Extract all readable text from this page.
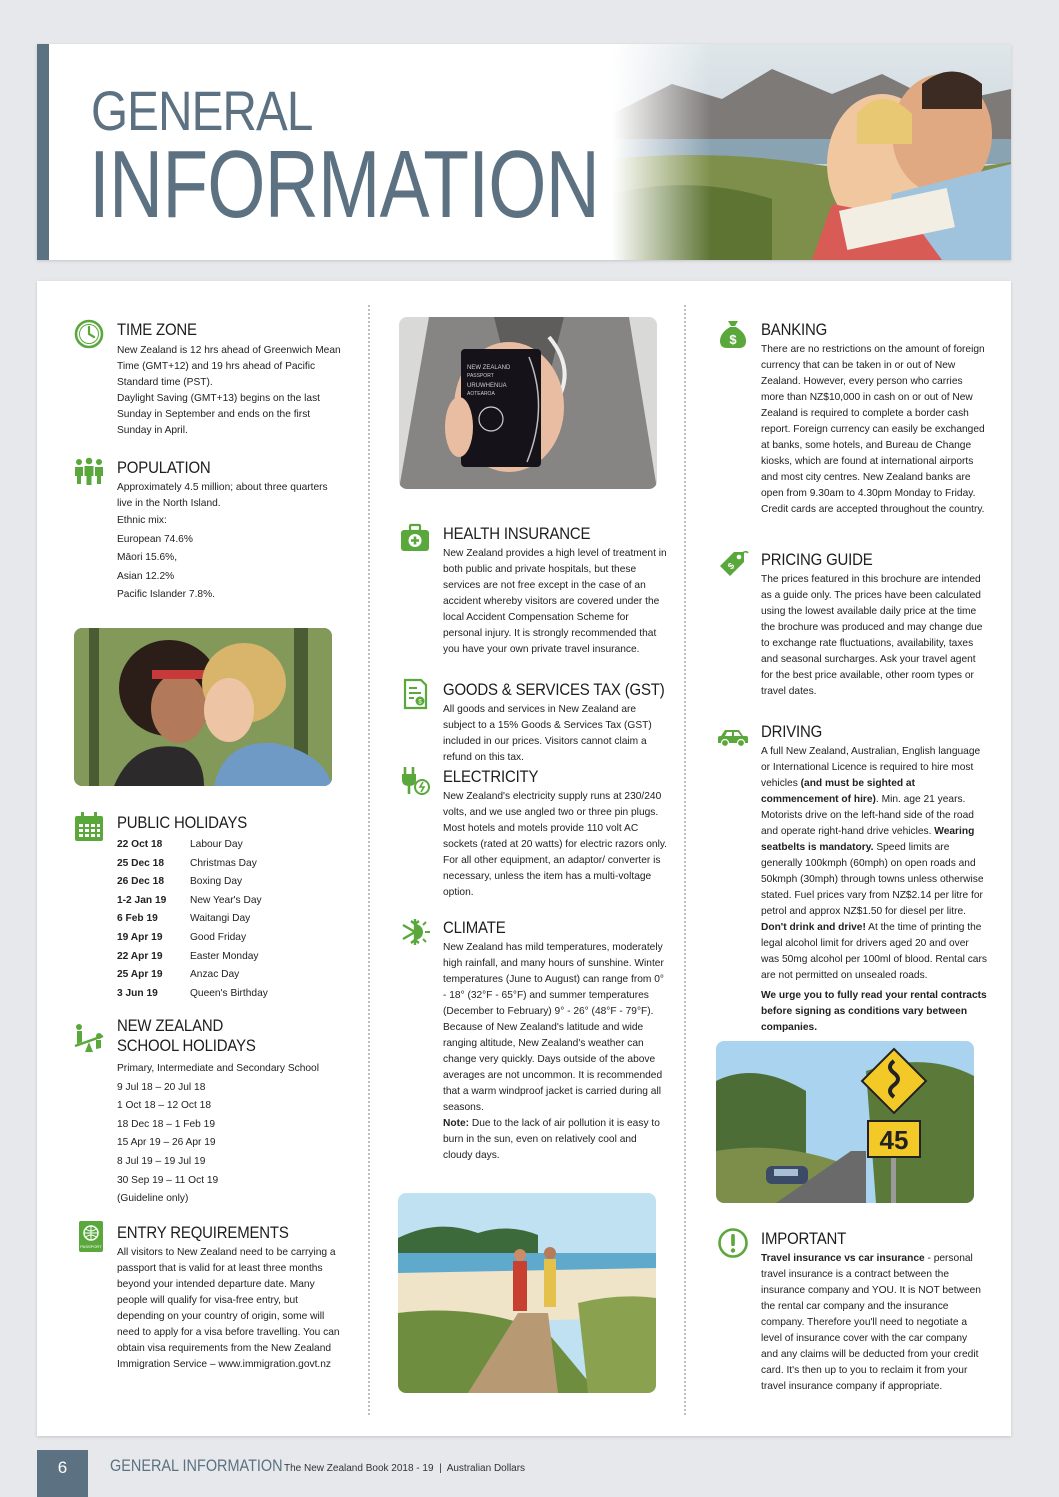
GENERAL
INFORMATION
TIME ZONE

New Zealand is 12 hrs ahead of Greenwich Mean Time (GMT+12) and 19 hrs ahead of Pacific Standard time (PST).

Daylight Saving (GMT+13) begins on the last Sunday in September and ends on the first Sunday in April.

POPULATION

Approximately 4.5 million; about three quarters live in the North Island.

Ethnic mix:
European 74.6%
Māori 15.6%,
Asian 12.2%
Pacific Islander 7.8%.
PUBLIC HOLIDAYS
22 Oct 18	Labour Day
25 Dec 18	Christmas Day
26 Dec 18	Boxing Day
1-2 Jan 19	New Year's Day
6 Feb 19	Waitangi Day
19 Apr 19	Good Friday
22 Apr 19	Easter Monday
25 Apr 19	Anzac Day
3 Jun 19	Queen's Birthday
NEW ZEALAND
SCHOOL HOLIDAYS
Primary, Intermediate and Secondary School
9 Jul 18 – 20 Jul 18
1 Oct 18 – 12 Oct 18
18 Dec 18 – 1 Feb 19
15 Apr 19 – 26 Apr 19
8 Jul 19 – 19 Jul 19
30 Sep 19 – 11 Oct 19
(Guideline only)
PASSPORT
ENTRY REQUIREMENTS

All visitors to New Zealand need to be carrying a passport that is valid for at least three months beyond your intended departure date. Many people will qualify for visa-free entry, but depending on your country of origin, some will need to apply for a visa before travelling. You can obtain visa requirements from the New Zealand Immigration Service – www.immigration.govt.nz

NEW ZEALAND
PASSPORT
URUWHENUA
AOTEAROA
HEALTH INSURANCE

New Zealand provides a high level of treatment in both public and private hospitals, but these services are not free except in the case of an accident whereby visitors are covered under the local Accident Compensation Scheme for personal injury. It is strongly recommended that you have your own private travel insurance.

$
GOODS & SERVICES TAX (GST)

All goods and services in New Zealand are subject to a 15% Goods & Services Tax (GST) included in our prices. Visitors cannot claim a refund on this tax.

ELECTRICITY

New Zealand's electricity supply runs at 230/240 volts, and we use angled two or three pin plugs. Most hotels and motels provide 110 volt AC sockets (rated at 20 watts) for electric razors only. For all other equipment, an adaptor/ converter is necessary, unless the item has a multi-voltage option.

CLIMATE

New Zealand has mild temperatures, moderately high rainfall, and many hours of sunshine. Winter temperatures (June to August) can range from 0° - 18° (32°F - 65°F) and summer temperatures (December to February) 9° - 26° (48°F - 79°F). Because of New Zealand's latitude and wide ranging altitude, New Zealand's weather can change very quickly. Days outside of the above averages are not uncommon. It is recommended that a warm windproof jacket is carried during all seasons.

Note: Due to the lack of air pollution it is easy to burn in the sun, even on relatively cool and cloudy days.

$
BANKING

There are no restrictions on the amount of foreign currency that can be taken in or out of New Zealand. However, every person who carries more than NZ$10,000 in cash on or out of New Zealand is required to complete a border cash report. Foreign currency can easily be exchanged at banks, some hotels, and Bureau de Change kiosks, which are found at international airports and most city centres. New Zealand banks are open from 9.30am to 4.30pm Monday to Friday. Credit cards are accepted throughout the country.

$ PRICING GUIDE

The prices featured in this brochure are intended as a guide only. The prices have been calculated using the lowest available daily price at the time the brochure was produced and may change due to exchange rate fluctuations, availability, taxes and seasonal surcharges. Ask your travel agent for the best price available, other room types or travel dates.

DRIVING

A full New Zealand, Australian, English language or International Licence is required to hire most vehicles (and must be sighted at commencement of hire). Min. age 21 years. Motorists drive on the left-hand side of the road and operate right-hand drive vehicles. Wearing seatbelts is mandatory. Speed limits are generally 100kmph (60mph) on open roads and 50kmph (30mph) through towns unless otherwise stated. Fuel prices vary from NZ$2.14 per litre for petrol and approx NZ$1.50 for diesel per litre. Don't drink and drive! At the time of printing the legal alcohol limit for drivers aged 20 and over was 50mg alcohol per 100ml of blood. Rental cars are not permitted on unsealed roads.

We urge you to fully read your rental contracts before signing as conditions vary between companies.

45
IMPORTANT

Travel insurance vs car insurance - personal travel insurance is a contract between the insurance company and YOU. It is NOT between the rental car company and the insurance company. Therefore you'll need to negotiate a level of insurance cover with the car company and any claims will be deducted from your credit card. It's then up to you to reclaim it from your travel insurance company if appropriate.

6	GENERAL INFORMATION The New Zealand Book 2018 - 19  |  Australian Dollars
